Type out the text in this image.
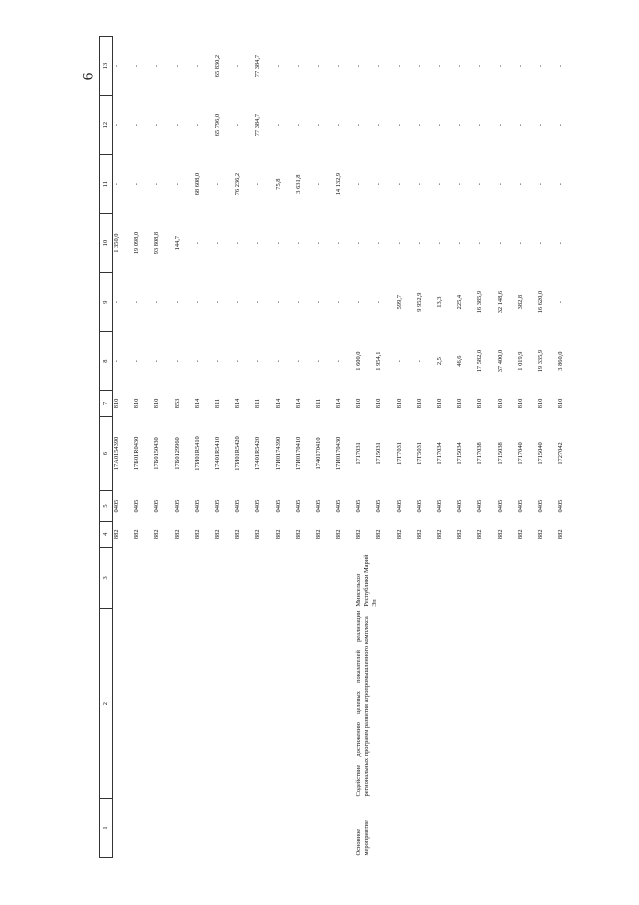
6
1	2	3	4	5	6	7	8	9	10	11	12	13
			882	0405	17А0154390	810	-	-	1 350,0	-	-	-
			882	0405	17Б01R0430	810	-	-	19 098,0	-	-	-
			882	0405	17Б0150430	810	-	-	93 808,8	-	-	-
			882	0405	17Б0129960	853	-	-	144,7	-	-	-
			882	0405	17И01R5410	814	-	-	-	68 608,0	-	-
			882	0405	17401R5410	811	-	-	-	-	65 796,0	65 830,2
			882	0405	17И01R5420	814	-	-	-	76 236,2	-	-
			882	0405	17401R5420	811	-	-	-	-	77 384,7	77 384,7
			882	0405	17И0174390	814	-	-	-	75,8	-	-
			882	0405	17И0170410	814	-	-	-	3 631,8	-	-
			882	0405	1740170410	811	-	-	-	-	-	-
			882	0405	17И0170430	814	-	-	-	14 132,9	-	-

Основное мероприятие	Содействие достижению целевых показателей реализации региональных программ развития агропромышленного комплекса	Минсельхоз Республики Марий Эл	882	0405	1717031	810	1 600,0	-	-	-	-	-
			882	0405	1715031	810	1 954,1	-	-	-	-	-
			882	0405	17Г7031	810	-	599,7	-	-	-	-
			882	0405	17Г5031	810	-	9 952,9	-	-	-	-
			882	0405	1717034	810	2,5	13,3	-	-	-	-
			882	0405	1715034	810	46,6	225,4	-	-	-	-
			882	0405	1717038	810	17 582,0	16 385,9	-	-	-	-
			882	0405	1715038	810	37 400,0	32 148,6	-	-	-	-
			882	0405	1717040	810	1 019,9	382,8	-	-	-	-
			882	0405	1715040	810	19 335,9	16 620,0	-	-	-	-
			882	0405	1727042	810	3 860,0	-	-	-	-	-
